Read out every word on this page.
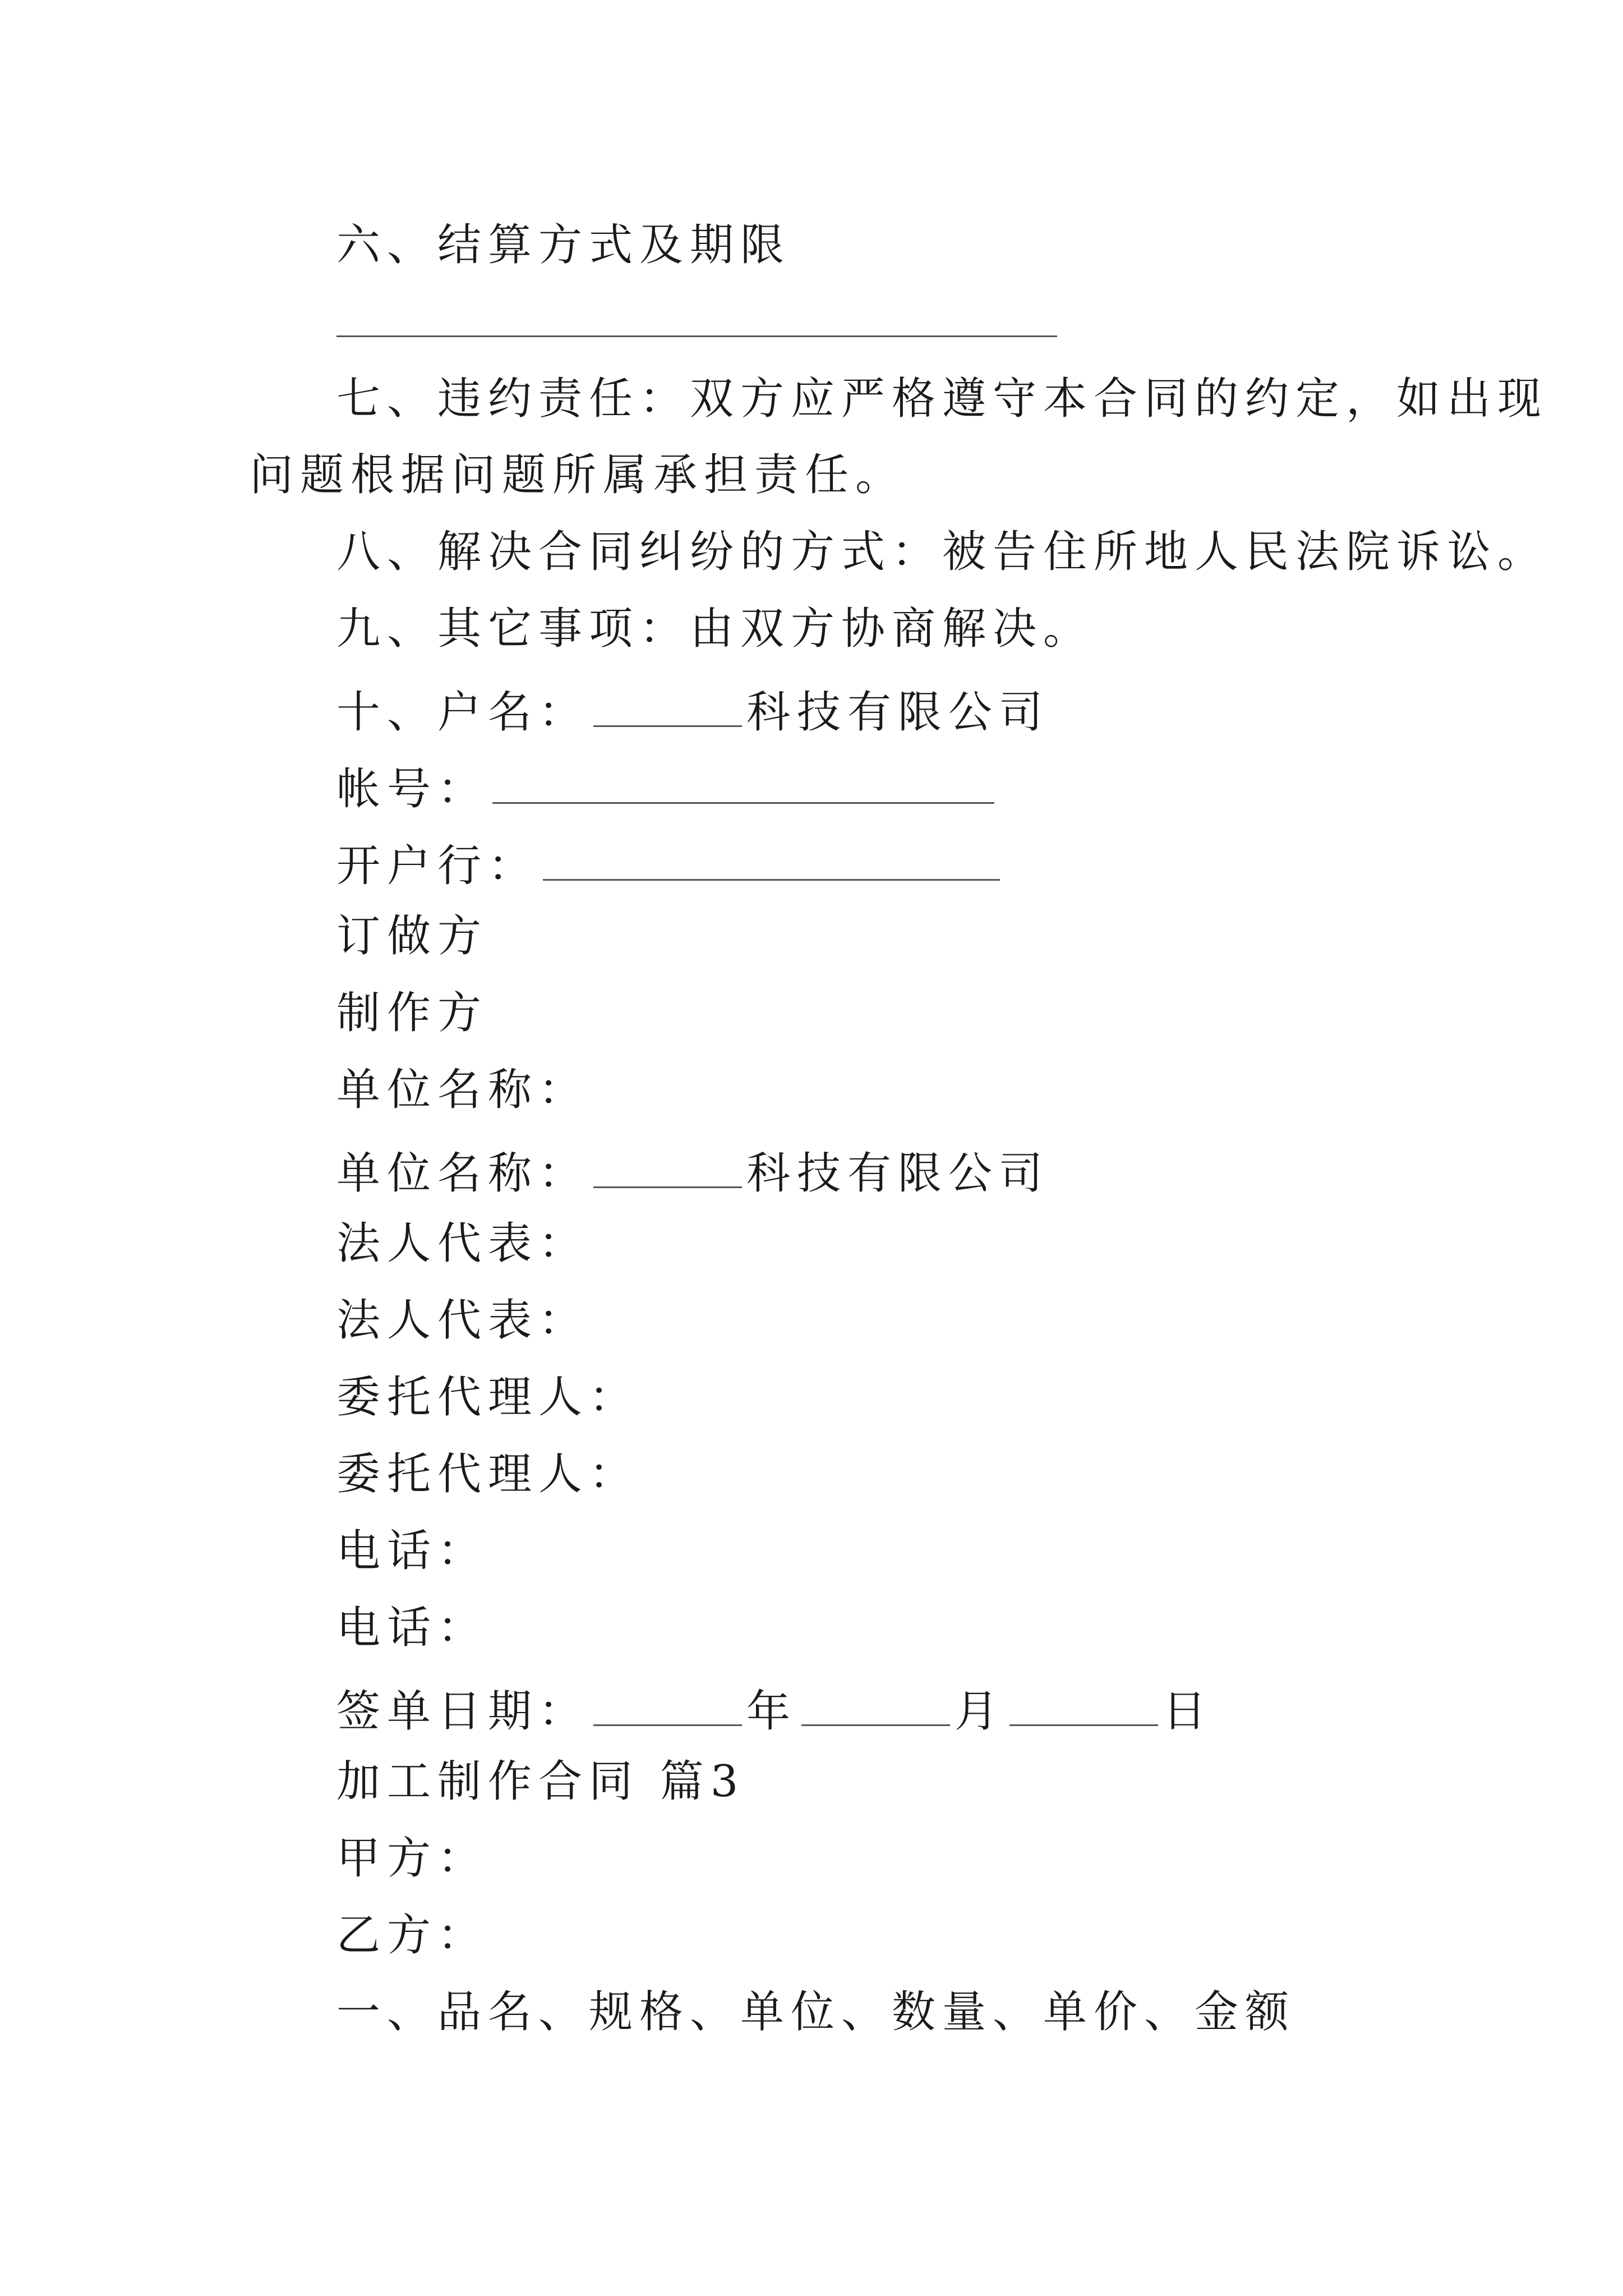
六、结算方式及期限
七、违约责任：双方应严格遵守本合同的约定，如出现
问题根据问题所属承担责任。
八、解决合同纠纷的方式：被告住所地人民法院诉讼。
九、其它事项：由双方协商解决。
十、户名：	科技有限公司
帐号：
开户行：
订做方
制作方
单位名称：
单位名称：	科技有限公司
法人代表：
法人代表：
委托代理人：
委托代理人：
电话：
电话：
签单日期：	年	月	日
加工制作合同 篇3
甲方：
乙方：
一、品名、规格、单位、数量、单价、金额
